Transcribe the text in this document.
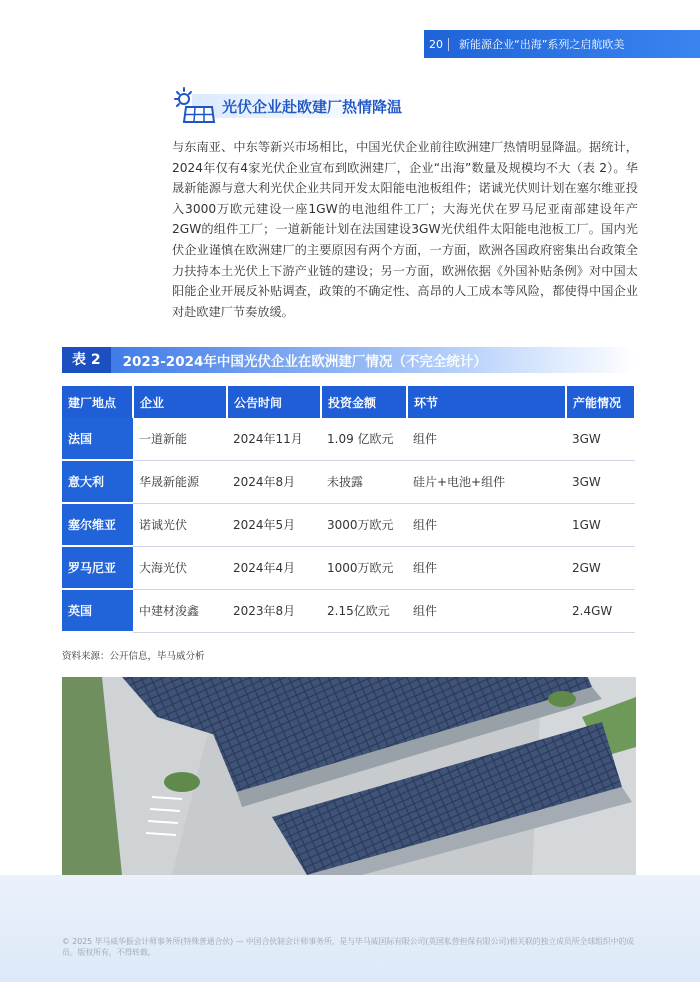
20	新能源企业“出海”系列之启航欧美
光伏企业赴欧建厂热情降温
与东南亚、中东等新兴市场相比，中国光伏企业前往欧洲建厂热情明显降温。据统计，2024年仅有4家光伏企业宣布到欧洲建厂，企业“出海”数量及规模均不大（表 2）。华晟新能源与意大利光伏企业共同开发太阳能电池板组件；诺诚光伏则计划在塞尔维亚投入3000万欧元建设一座1GW的电池组件工厂；大海光伏在罗马尼亚南部建设年产2GW的组件工厂；一道新能计划在法国建设3GW光伏组件太阳能电池板工厂。国内光伏企业谨慎在欧洲建厂的主要原因有两个方面，一方面，欧洲各国政府密集出台政策全力扶持本土光伏上下游产业链的建设；另一方面，欧洲依据《外国补贴条例》对中国太阳能企业开展反补贴调查，政策的不确定性、高昂的人工成本等风险，都使得中国企业对赴欧建厂节奏放缓。
表 2	2023-2024年中国光伏企业在欧洲建厂情况（不完全统计）
建厂地点	企业	公告时间	投资金额	环节	产能情况
法国	一道新能	2024年11月	1.09 亿欧元	组件	3GW
意大利	华晟新能源	2024年8月	未披露	硅片+电池+组件	3GW
塞尔维亚	诺诚光伏	2024年5月	3000万欧元	组件	1GW
罗马尼亚	大海光伏	2024年4月	1000万欧元	组件	2GW
英国	中建材浚鑫	2023年8月	2.15亿欧元	组件	2.4GW
资料来源：公开信息，毕马威分析
© 2025 毕马威华振会计师事务所(特殊普通合伙) — 中国合伙制会计师事务所，是与毕马威国际有限公司(英国私营担保有限公司)相关联的独立成员所全球组织中的成员。版权所有，不得转载。
